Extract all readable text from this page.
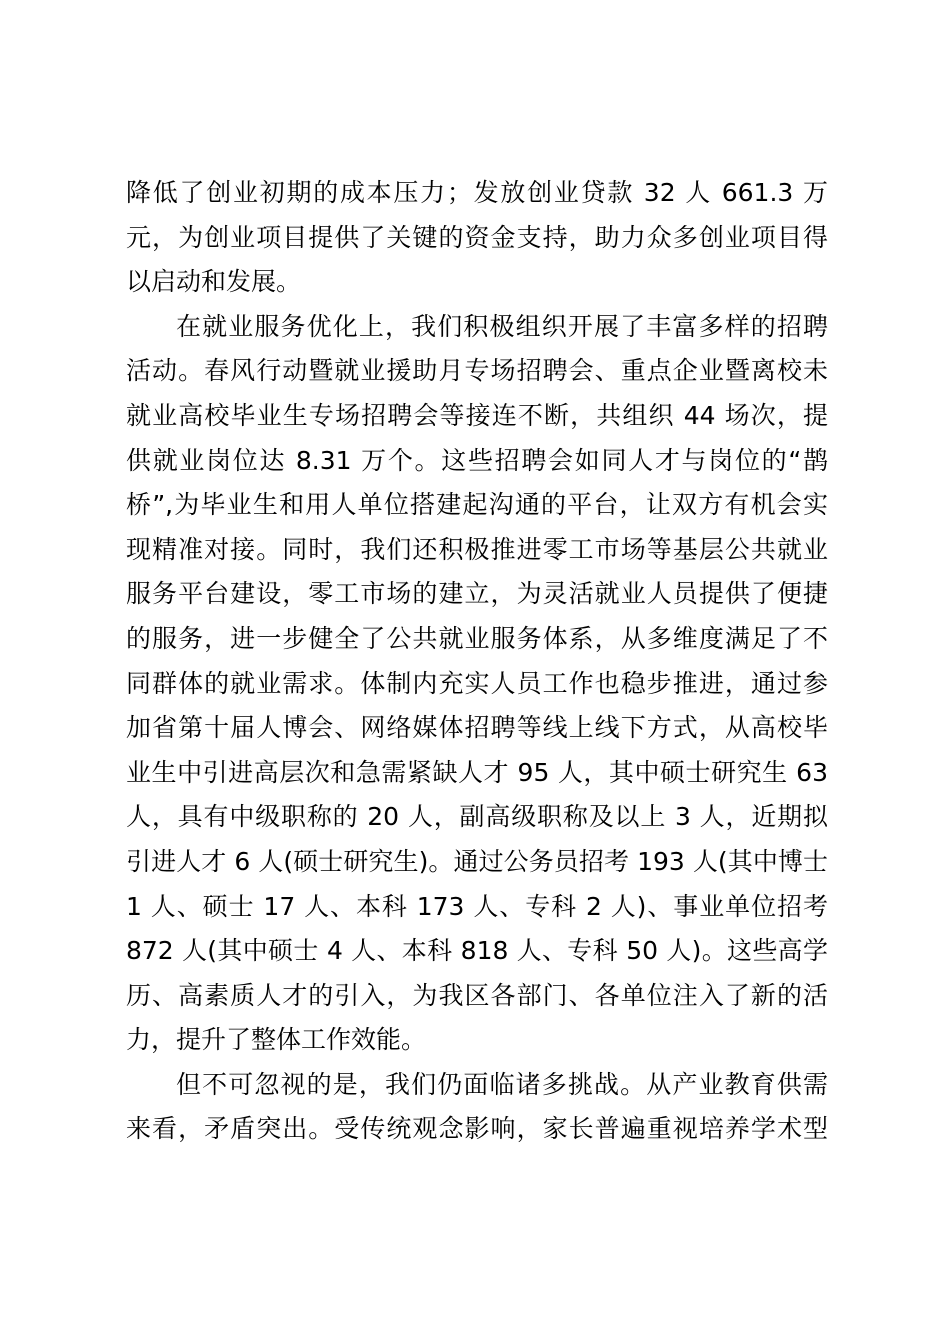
降低了创业初期的成本压力；发放创业贷款 32 人 661.3 万
元，为创业项目提供了关键的资金支持，助力众多创业项目得
以启动和发展。

在就业服务优化上，我们积极组织开展了丰富多样的招聘
活动。春风行动暨就业援助月专场招聘会、重点企业暨离校未
就业高校毕业生专场招聘会等接连不断，共组织 44 场次，提
供就业岗位达 8.31 万个。这些招聘会如同人才与岗位的“鹊
桥”,为毕业生和用人单位搭建起沟通的平台，让双方有机会实
现精准对接。同时，我们还积极推进零工市场等基层公共就业
服务平台建设，零工市场的建立，为灵活就业人员提供了便捷
的服务，进一步健全了公共就业服务体系，从多维度满足了不
同群体的就业需求。体制内充实人员工作也稳步推进，通过参
加省第十届人博会、网络媒体招聘等线上线下方式，从高校毕
业生中引进高层次和急需紧缺人才 95 人，其中硕士研究生 63
人，具有中级职称的 20 人，副高级职称及以上 3 人，近期拟
引进人才 6 人(硕士研究生)。通过公务员招考 193 人(其中博士
1 人、硕士 17 人、本科 173 人、专科 2 人)、事业单位招考
872 人(其中硕士 4 人、本科 818 人、专科 50 人)。这些高学
历、高素质人才的引入，为我区各部门、各单位注入了新的活
力，提升了整体工作效能。

但不可忽视的是，我们仍面临诸多挑战。从产业教育供需
来看，矛盾突出。受传统观念影响，家长普遍重视培养学术型
